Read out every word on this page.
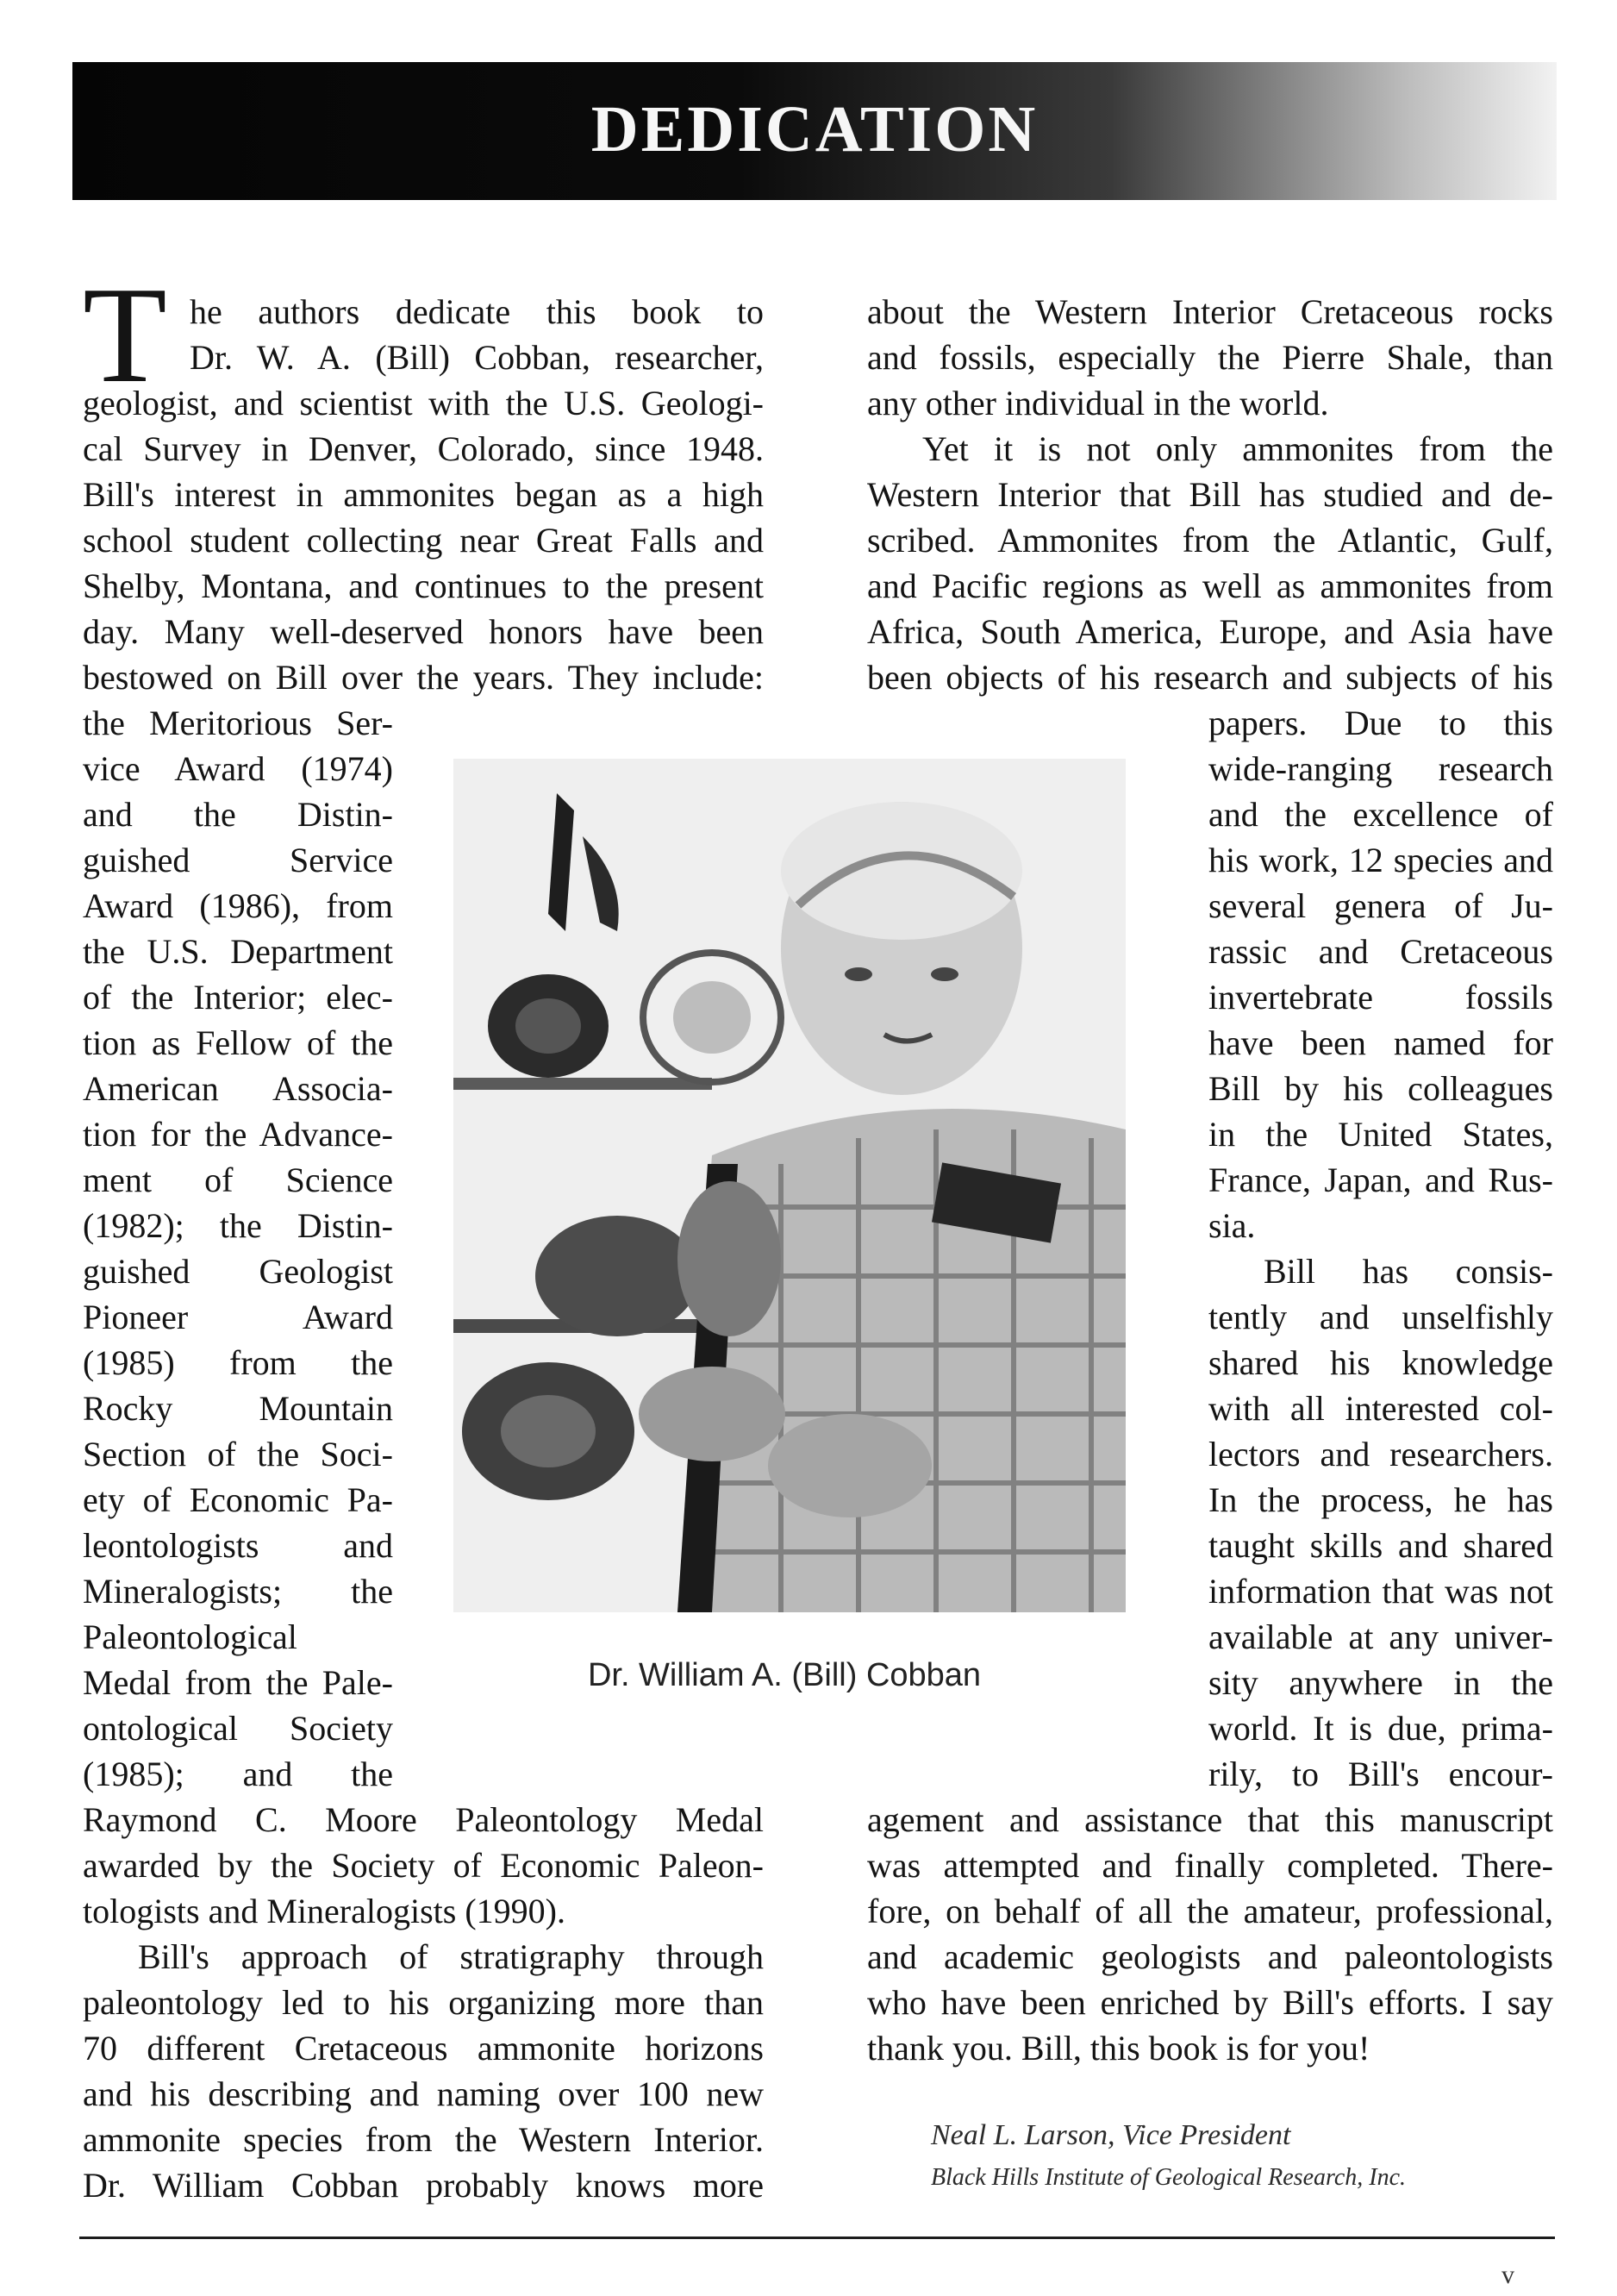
DEDICATION
T he authors dedicate this book to
Dr. W. A. (Bill) Cobban, researcher,
geologist, and scientist with the U.S. Geologi-
cal Survey in Denver, Colorado, since 1948.
Bill's interest in ammonites began as a high
school student collecting near Great Falls and
Shelby, Montana, and continues to the present
day. Many well-deserved honors have been
bestowed on Bill over the years. They include:
the Meritorious Ser-
vice Award (1974)
and the Distin-
guished Service
Award (1986), from
the U.S. Department
of the Interior; elec-
tion as Fellow of the
American Associa-
tion for the Advance-
ment of Science
(1982); the Distin-
guished Geologist
Pioneer Award
(1985) from the
Rocky Mountain
Section of the Soci-
ety of Economic Pa-
leontologists and
Mineralogists; the
Paleontological
Medal from the Pale-
ontological Society
(1985); and the
Raymond C. Moore Paleontology Medal
awarded by the Society of Economic Paleon-
tologists and Mineralogists (1990).
Bill's approach of stratigraphy through
paleontology led to his organizing more than
70 different Cretaceous ammonite horizons
and his describing and naming over 100 new
ammonite species from the Western Interior.
Dr. William Cobban probably knows more
about the Western Interior Cretaceous rocks
and fossils, especially the Pierre Shale, than
any other individual in the world.
Yet it is not only ammonites from the
Western Interior that Bill has studied and de-
scribed. Ammonites from the Atlantic, Gulf,
and Pacific regions as well as ammonites from
Africa, South America, Europe, and Asia have
been objects of his research and subjects of his
papers. Due to this
wide-ranging research
and the excellence of
his work, 12 species and
several genera of Ju-
rassic and Cretaceous
invertebrate fossils
have been named for
Bill by his colleagues
in the United States,
France, Japan, and Rus-
sia.
Bill has consis-
tently and unselfishly
shared his knowledge
with all interested col-
lectors and researchers.
In the process, he has
taught skills and shared
information that was not
available at any univer-
sity anywhere in the
world. It is due, prima-
rily, to Bill's encour-
agement and assistance that this manuscript
was attempted and finally completed. There-
fore, on behalf of all the amateur, professional,
and academic geologists and paleontologists
who have been enriched by Bill's efforts. I say
thank you. Bill, this book is for you!
Dr. William A. (Bill) Cobban
Neal L. Larson, Vice President
Black Hills Institute of Geological Research, Inc.
v
